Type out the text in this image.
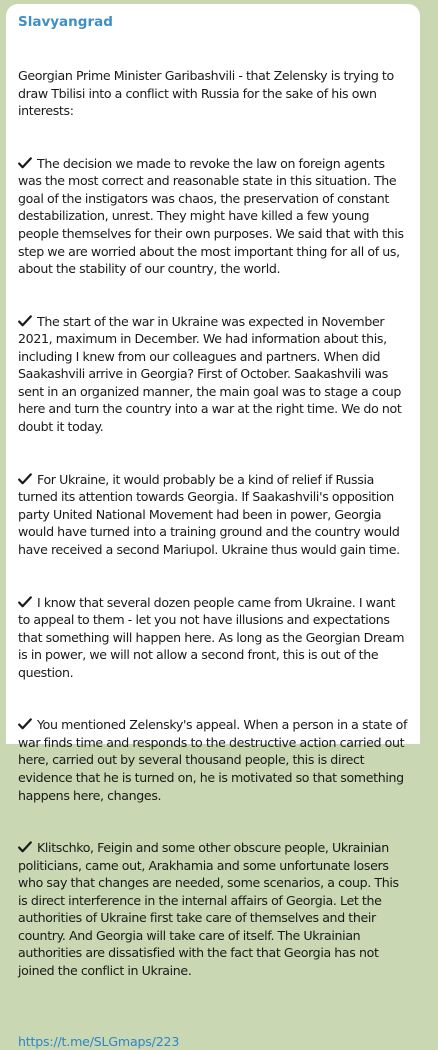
Slavyangrad

Georgian Prime Minister Garibashvili - that Zelensky is trying to draw Tbilisi into a conflict with Russia for the sake of his own interests:

The decision we made to revoke the law on foreign agents was the most correct and reasonable state in this situation. The goal of the instigators was chaos, the preservation of constant destabilization, unrest. They might have killed a few young people themselves for their own purposes. We said that with this step we are worried about the most important thing for all of us, about the stability of our country, the world.

The start of the war in Ukraine was expected in November 2021, maximum in December. We had information about this, including I knew from our colleagues and partners. When did Saakashvili arrive in Georgia? First of October. Saakashvili was sent in an organized manner, the main goal was to stage a coup here and turn the country into a war at the right time. We do not doubt it today.

For Ukraine, it would probably be a kind of relief if Russia turned its attention towards Georgia. If Saakashvili's opposition party United National Movement had been in power, Georgia would have turned into a training ground and the country would have received a second Mariupol. Ukraine thus would gain time.

I know that several dozen people came from Ukraine. I want to appeal to them - let you not have illusions and expectations that something will happen here. As long as the Georgian Dream is in power, we will not allow a second front, this is out of the question.

You mentioned Zelensky's appeal. When a person in a state of war finds time and responds to the destructive action carried out here, carried out by several thousand people, this is direct evidence that he is turned on, he is motivated so that something happens here, changes.

Klitschko, Feigin and some other obscure people, Ukrainian politicians, came out, Arakhamia and some unfortunate losers who say that changes are needed, some scenarios, a coup. This is direct interference in the internal affairs of Georgia. Let the authorities of Ukraine first take care of themselves and their country. And Georgia will take care of itself. The Ukrainian authorities are dissatisfied with the fact that Georgia has not joined the conflict in Ukraine.

https://t.me/SLGmaps/223
